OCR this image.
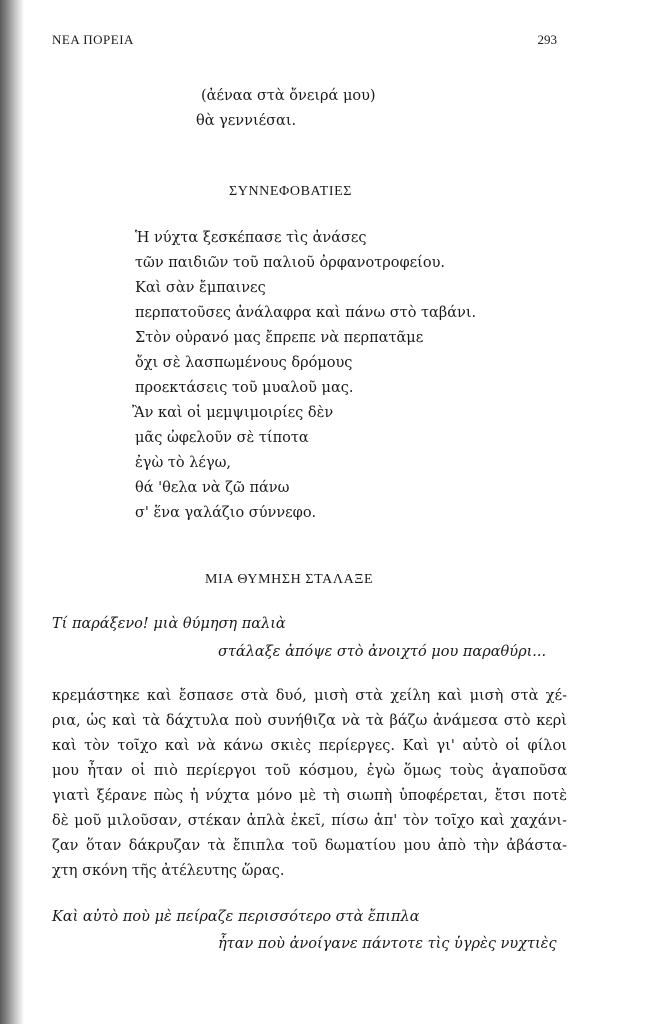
ΝΕΑ ΠΟΡΕΙΑ	293
(ἀέναα στὰ ὄνειρά μου)
θὰ γεννιέσαι.
ΣΥΝΝΕΦΟΒΑΤΙΕΣ
Ἡ νύχτα ξεσκέπασε τὶς ἀνάσες
τῶν παιδιῶν τοῦ παλιοῦ ὀρφανοτροφείου.
Καὶ σὰν ἔμπαινες
περπατοῦσες ἀνάλαφρα καὶ πάνω στὸ ταβάνι.
Στὸν οὐρανό μας ἔπρεπε νὰ περπατᾶμε
ὄχι σὲ λασπωμένους δρόμους
προεκτάσεις τοῦ μυαλοῦ μας.
Ἂν καὶ οἱ μεμψιμοιρίες δὲν
μᾶς ὠφελοῦν σὲ τίποτα
ἐγὼ τὸ λέγω,
θά 'θελα νὰ ζῶ πάνω
σ' ἕνα γαλάζιο σύννεφο.
ΜΙΑ ΘΥΜΗΣΗ ΣΤΑΛΑΞΕ
Τί παράξενο! μιὰ θύμηση παλιὰ
στάλαξε ἀπόψε στὸ ἀνοιχτό μου παραθύρι...
κρεμάστηκε καὶ ἔσπασε στὰ δυό, μισὴ στὰ χείλη καὶ μισὴ στὰ χέ-
ρια, ὡς καὶ τὰ δάχτυλα ποὺ συνήθιζα νὰ τὰ βάζω ἀνάμεσα στὸ κερὶ
καὶ τὸν τοῖχο καὶ νὰ κάνω σκιὲς περίεργες. Καὶ γι' αὐτὸ οἱ φίλοι
μου ἦταν οἱ πιὸ περίεργοι τοῦ κόσμου, ἐγὼ ὅμως τοὺς ἀγαποῦσα
γιατὶ ξέρανε πὼς ἡ νύχτα μόνο μὲ τὴ σιωπὴ ὑποφέρεται, ἔτσι ποτὲ
δὲ μοῦ μιλοῦσαν, στέκαν ἀπλὰ ἐκεῖ, πίσω ἀπ' τὸν τοῖχο καὶ χαχάνι-
ζαν ὅταν δάκρυζαν τὰ ἔπιπλα τοῦ δωματίου μου ἀπὸ τὴν ἀβάστα-
χτη σκόνη τῆς ἀτέλευτης ὥρας.
Καὶ αὐτὸ ποὺ μὲ πείραζε περισσότερο στὰ ἔπιπλα
ἦταν ποὺ ἀνοίγανε πάντοτε τὶς ὑγρὲς νυχτιὲς
